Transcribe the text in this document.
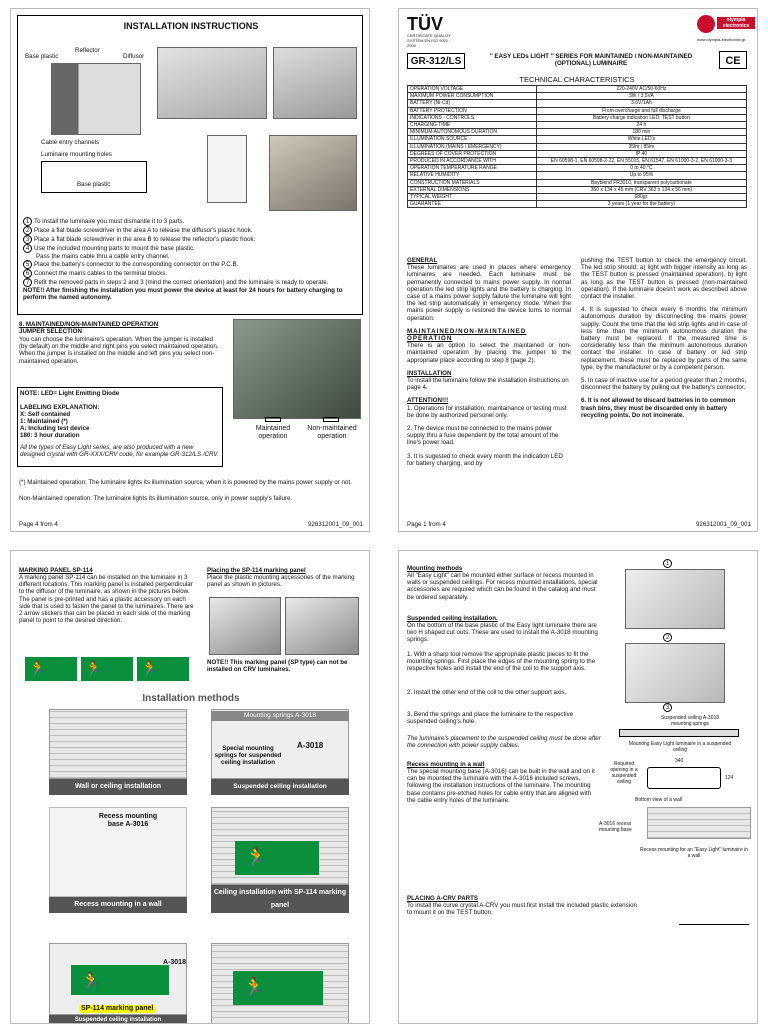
INSTALLATION INSTRUCTIONS
Base plastic
Reflector
Diffusor
Cable entry channels
Luminaire mounting holes
Base plastic
1 To install the luminaire you must dismantle it to 3 parts.
2 Place a flat blade screwdriver in the area A to release the diffusor's plastic hook.
3 Place a flat blade screwdriver in the area B to release the reflector's plastic hook.
4 Use the included mounting parts to mount the base plastic.
Pass the mains cable thru a cable entry channel.
5 Place the battery's connector to the corresponding connector on the P.C.B.
6 Connect the mains cables to the terminal blocks.
7 Refit the removed parts in steps 2 and 3 (mind the correct orientation) and the luminaire is ready to operate.
NOTE!! After finishing the installation you must power the device at least for 24 hours for battery charging to perform the named autonomy.
8. MAINTAINED/NON-MAINTAINED OPERATION
JUMPER SELECTION
You can choose the luminaire's operation. When the jumper is installed (by default) on the middle and right pins you select maintained operation. When the jumper is installed on the middle and left pins you select non-maintained operation.
NOTE: LED= Light Emitting Diode
LABELING EXPLANATION:
X: Self contained
1: Maintained (*)
A: Including test device
180: 3 hour duration
All the types of Easy Light series, are also produced with a new designed crystal with GR-XXX/CRV code, for example GR-312/LS /CRV.
Maintained operation
Non-maintained operation
(*) Maintained operation: The luminaire lights its illumination source, when it is powered by the mains power supply or not.
Non-Maintained operation: The luminaire lights its illumination source, only in power supply's failure.
Page 4 from 4	926312001_09_001
TÜV
CERTIFICATE QUALITY SYSTEM EN ISO 9001 : 2000
olympia electronics
www.olympia-electronics.gr
GR-312/LS	'' EASY LEDs LIGHT '' SERIES FOR MAINTAINED / NON-MAINTAINED (OPTIONAL) LUMINAIRE	CE
TECHNICAL CHARACTERISTICS
OPERATION VOLTAGE	220-240V AC/50-60Hz
MAXIMUM POWER CONSUMPTION	3W / 3.5VA
BATTERY (Ni-Cd)	3.6V/1Ah
BATTERY PROTECTION	From overcharge and full discharge
INDICATIONS - CONTROLS	Battery charge indication LED, TEST button
CHARGING TIME	24 h
MINIMUM AUTONOMOUS DURATION	180 min
ILLUMINATION SOURCE	White LED's
ILLUMINATION (MAINS / EMERGENCY)	35lm / 85lm
DEGREES OF COVER PROTECTION	IP 40
PRODUCED IN ACCORDANCE WITH	EN 60598-1, EN 60598-2-22, EN 55015, EN 61547, EN 61000-3-2, EN 61000-3-3
OPERATION TEMPERATURE RANGE	0 to 40 °C
RELATIVE HUMIDITY	Up to 95%
CONSTRUCTION MATERIALS	Bayblend FR3010, transparent polycarbonate
EXTERNAL DIMENSIONS	350 x 134 x 45 mm (CRV 362 x 134 x 56 mm)
TYPICAL WEIGHT	680gr.
GUARANTEE	3 years (1 year for the battery)
GENERAL
These luminaires are used in places where emergency luminaires are needed. Each luminaire must be permanently connected to mains power supply. In normal operation the led strip lights and the battery is charging. In case of a mains power supply failure the luminaire will light the led strip automatically in emergency mode. When the mains power supply is restored the device turns to normal operation.
MAINTAINED/NON-MAINTAINED OPERATION
There is an option to select the maintained or non-maintained operation by placing the jumper to the appropriate place according to step 8 (page 2).
INSTALLATION
To install the luminaire follow the installation instructions on page 4.
ATTENTION!!!
1. Operations for installation, maintainance or testing must be done by authorized personel only.
2. The device must be connected to the mains power supply thru a fuse dependent by the total amount of the line's power load.
3. It is sugested to check every month the indication LED for battery charging, and by
pushing the TEST button to check the emergency circuit. The led strip should: a) light with bigger intensity as long as the TEST button is pressed (maintained operation), b) light as long as the TEST button is pressed (non-maintained operation). If the luminaire doesn't work as described above contact the installer.
4. It is sugested to check every 6 months the minimum autonomous duration by disconnecting the mains power supply. Count the time that the led strip lights and in case of less time than the minimum autonomous duration the battery must be replaced. If the measured time is considerably less than the minimum autonomous duration contact the installer. In case of battery or led strip replacement, these must be replaced by parts of the same type, by the manufacturer or by a competent person.
5. In case of inactive use for a period greater than 2 months, disconnect the battery by pulling out the battery's connector.
6. It is not allowed to discard batteries in to common trash bins, they must be discarded only in battery recycling points. Do not incinerate.
Page 1 from 4	926312001_09_001
MARKING PANEL SP-114
A marking panel SP-114 can be installed on the luminaire in 3 different locations. This marking panel is installed perpendicular to the diffusor of the luminaire, as shown in the pictures below. The panel is pre-printed and has a plastic accessory on each side that is used to fasten the panel to the luminaires. There are 2 arrow stickers that can be placed in each side of the marking panel to point to the desired direction.
Placing the SP-114 marking panel
Place the plastic mounting accessories of the marking panel as shown in pictures.
NOTE!! This marking panel (SP type) can not be installed on CRV luminaires.
🏃	🏃	🏃
Installation methods
Wall or ceiling installation
Mounting springs A-3018
Special mounting springs for suspended ceiling installation
A-3018
Suspended ceiling installation
Recess mounting base A-3016
Recess mounting in a wall
🏃
Ceiling installation with SP-114 marking panel
🏃
A-3018
SP-114 marking panel
Suspended ceiling installation
🏃
Mounting methods
All "Easy Light" can be mounted either surface or recess mounted in walls or suspended ceilings. For recess mounted installations, special accessories are required which can be found in the catalog and must be ordered separately.
Suspended ceiling installation.
On the bottom of the base plastic of the Easy light luminaire there are two H shaped cut outs. These are used to install the A-3018 mounting springs.
1. With a sharp tool remove the appropriate plastic pieces to fit the mounting springs. First place the edges of the mounting spring to the respective holes and install the end of the coil to the support axis.
2. Install the other end of the coil to the other support axis.
3. Bend the springs and place the luminaire to the respective suspended ceiling's hole.
The luminaire's placement to the suspended ceiling must be done after the connection with power supply cables.
Recess mounting in a wall
The special mounting base (A-3016) can be built in the wall and on it can be mounted the luminaire with the A-3016 included screws, following the installation instructions of the luminaire. The mounting base contains pre-etched holes for cable entry that are aligned with the cable entry holes of the luminaire.
PLACING A-CRV PARTS
To install the curve crystal A-CRV you must first install the included plastic extension to mount it on the TEST button.
1
2
3
Suspended ceiling A-3018 mounting springs
Mounting Easy Light luminaire in a suspended ceiling
Required opening in a suspended ceiling
340
124
Bottom view of a wall
A-3016 recess mounting base
Recess mounting for an "Easy Light" luminaire in a wall
